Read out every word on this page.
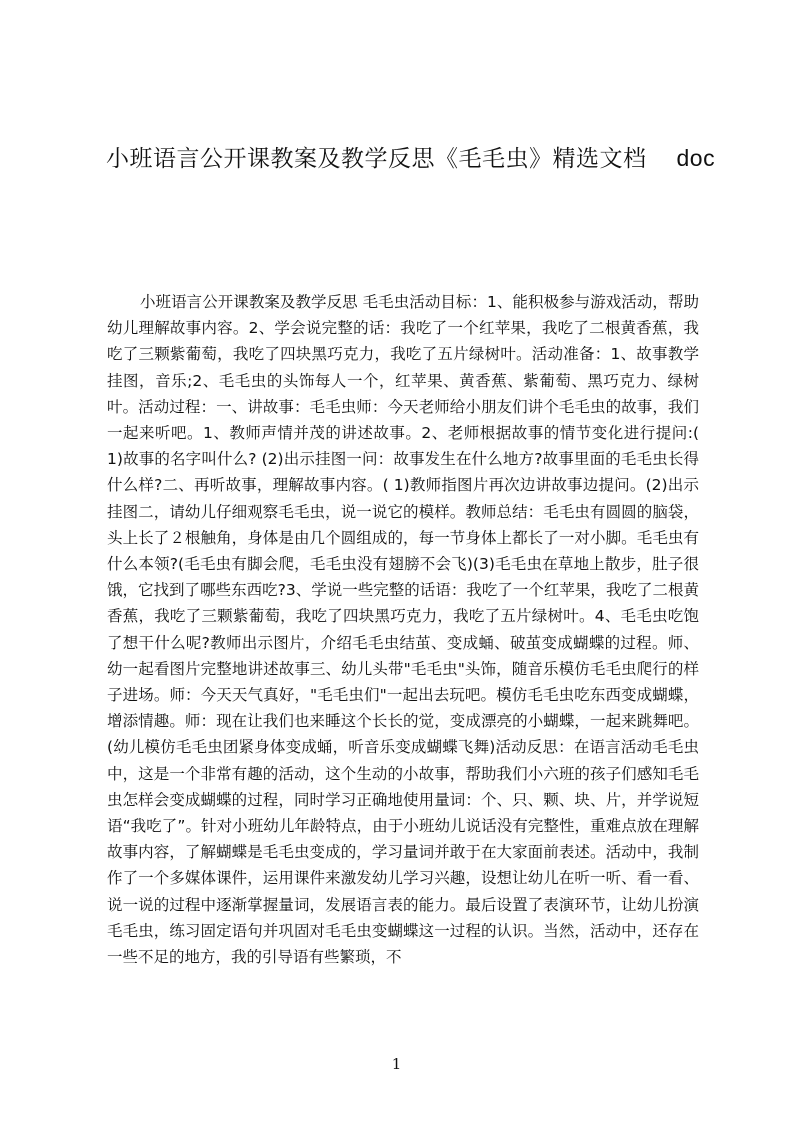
小班语言公开课教案及教学反思《毛毛虫》精选文档 doc
小班语言公开课教案及教学反思 毛毛虫活动目标：1、能积极参与游戏活动，帮助幼儿理解故事内容。2、学会说完整的话：我吃了一个红苹果，我吃了二根黄香蕉，我吃了三颗紫葡萄，我吃了四块黑巧克力，我吃了五片绿树叶。活动准备：1、故事教学挂图，音乐;2、毛毛虫的头饰每人一个，红苹果、黄香蕉、紫葡萄、黑巧克力、绿树叶。活动过程：一、讲故事：毛毛虫师：今天老师给小朋友们讲个毛毛虫的故事，我们一起来听吧。1、教师声情并茂的讲述故事。2、老师根据故事的情节变化进行提问:( 1)故事的名字叫什么? (2)出示挂图一问：故事发生在什么地方?故事里面的毛毛虫长得什么样?二、再听故事，理解故事内容。( 1)教师指图片再次边讲故事边提问。(2)出示挂图二，请幼儿仔细观察毛毛虫，说一说它的模样。教师总结：毛毛虫有圆圆的脑袋，头上长了２根触角，身体是由几个圆组成的，每一节身体上都长了一对小脚。毛毛虫有什么本领?(毛毛虫有脚会爬，毛毛虫没有翅膀不会飞)(3)毛毛虫在草地上散步，肚子很饿，它找到了哪些东西吃?3、学说一些完整的话语：我吃了一个红苹果，我吃了二根黄香蕉，我吃了三颗紫葡萄，我吃了四块黑巧克力，我吃了五片绿树叶。4、毛毛虫吃饱了想干什么呢?教师出示图片，介绍毛毛虫结茧、变成蛹、破茧变成蝴蝶的过程。师、幼一起看图片完整地讲述故事三、幼儿头带"毛毛虫"头饰，随音乐模仿毛毛虫爬行的样子进场。师：今天天气真好，"毛毛虫们"一起出去玩吧。模仿毛毛虫吃东西变成蝴蝶，增添情趣。师：现在让我们也来睡这个长长的觉，变成漂亮的小蝴蝶，一起来跳舞吧。(幼儿模仿毛毛虫团紧身体变成蛹，听音乐变成蝴蝶飞舞)活动反思：在语言活动毛毛虫中，这是一个非常有趣的活动，这个生动的小故事，帮助我们小六班的孩子们感知毛毛虫怎样会变成蝴蝶的过程，同时学习正确地使用量词：个、只、颗、块、片，并学说短语“我吃了”。针对小班幼儿年龄特点，由于小班幼儿说话没有完整性，重难点放在理解故事内容，了解蝴蝶是毛毛虫变成的，学习量词并敢于在大家面前表述。活动中，我制作了一个多媒体课件，运用课件来激发幼儿学习兴趣，设想让幼儿在听一听、看一看、说一说的过程中逐渐掌握量词，发展语言表的能力。最后设置了表演环节，让幼儿扮演毛毛虫，练习固定语句并巩固对毛毛虫变蝴蝶这一过程的认识。当然，活动中，还存在一些不足的地方，我的引导语有些繁琐，不
1
